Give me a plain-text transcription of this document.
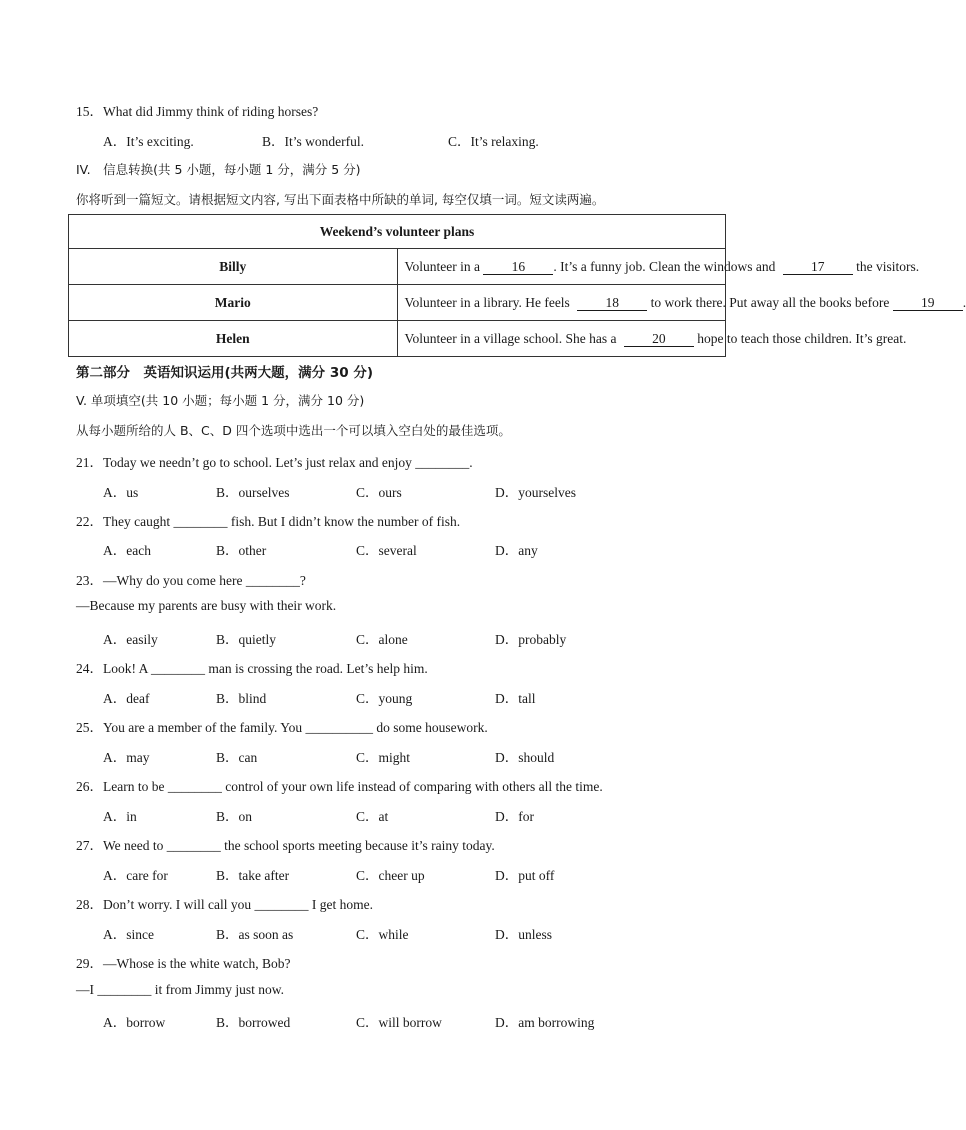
15．What did Jimmy think of riding horses?
A．It’s exciting.	B．It’s wonderful.	C．It’s relaxing.
IV.　信息转换(共 5 小题，每小题 1 分，满分 5 分)
你将听到一篇短文。请根据短文内容, 写出下面表格中所缺的单词, 每空仅填一词。短文读两遍。
Weekend’s volunteer plans	
Billy	Volunteer in a 16 . It’s a funny job. Clean the windows and 17 the visitors.
Mario	Volunteer in a library. He feels 18 to work there. Put away all the books before 19 .
Helen	Volunteer in a village school. She has a 20 hope to teach those children. It’s great.
第二部分　英语知识运用(共两大题，满分 30 分)
V. 单项填空(共 10 小题；每小题 1 分，满分 10 分)
从每小题所给的人 B、C、D 四个选项中选出一个可以填入空白处的最佳选项。
21．Today we needn’t go to school. Let’s just relax and enjoy ________.
A．us	B．ourselves	C．ours	D．yourselves
22．They caught ________ fish. But I didn’t know the number of fish.
A．each	B．other	C．several	D．any
23．—Why do you come here ________?
—Because my parents are busy with their work.
A．easily	B．quietly	C．alone	D．probably
24．Look! A ________ man is crossing the road. Let’s help him.
A．deaf	B．blind	C．young	D．tall
25．You are a member of the family. You __________ do some housework.
A．may	B．can	C．might	D．should
26．Learn to be ________ control of your own life instead of comparing with others all the time.
A．in	B．on	C．at	D．for
27．We need to ________ the school sports meeting because it’s rainy today.
A．care for	B．take after	C．cheer up	D．put off
28．Don’t worry. I will call you ________ I get home.
A．since	B．as soon as	C．while	D．unless
29．—Whose is the white watch, Bob?
—I ________ it from Jimmy just now.
A．borrow	B．borrowed	C．will borrow	D．am borrowing
